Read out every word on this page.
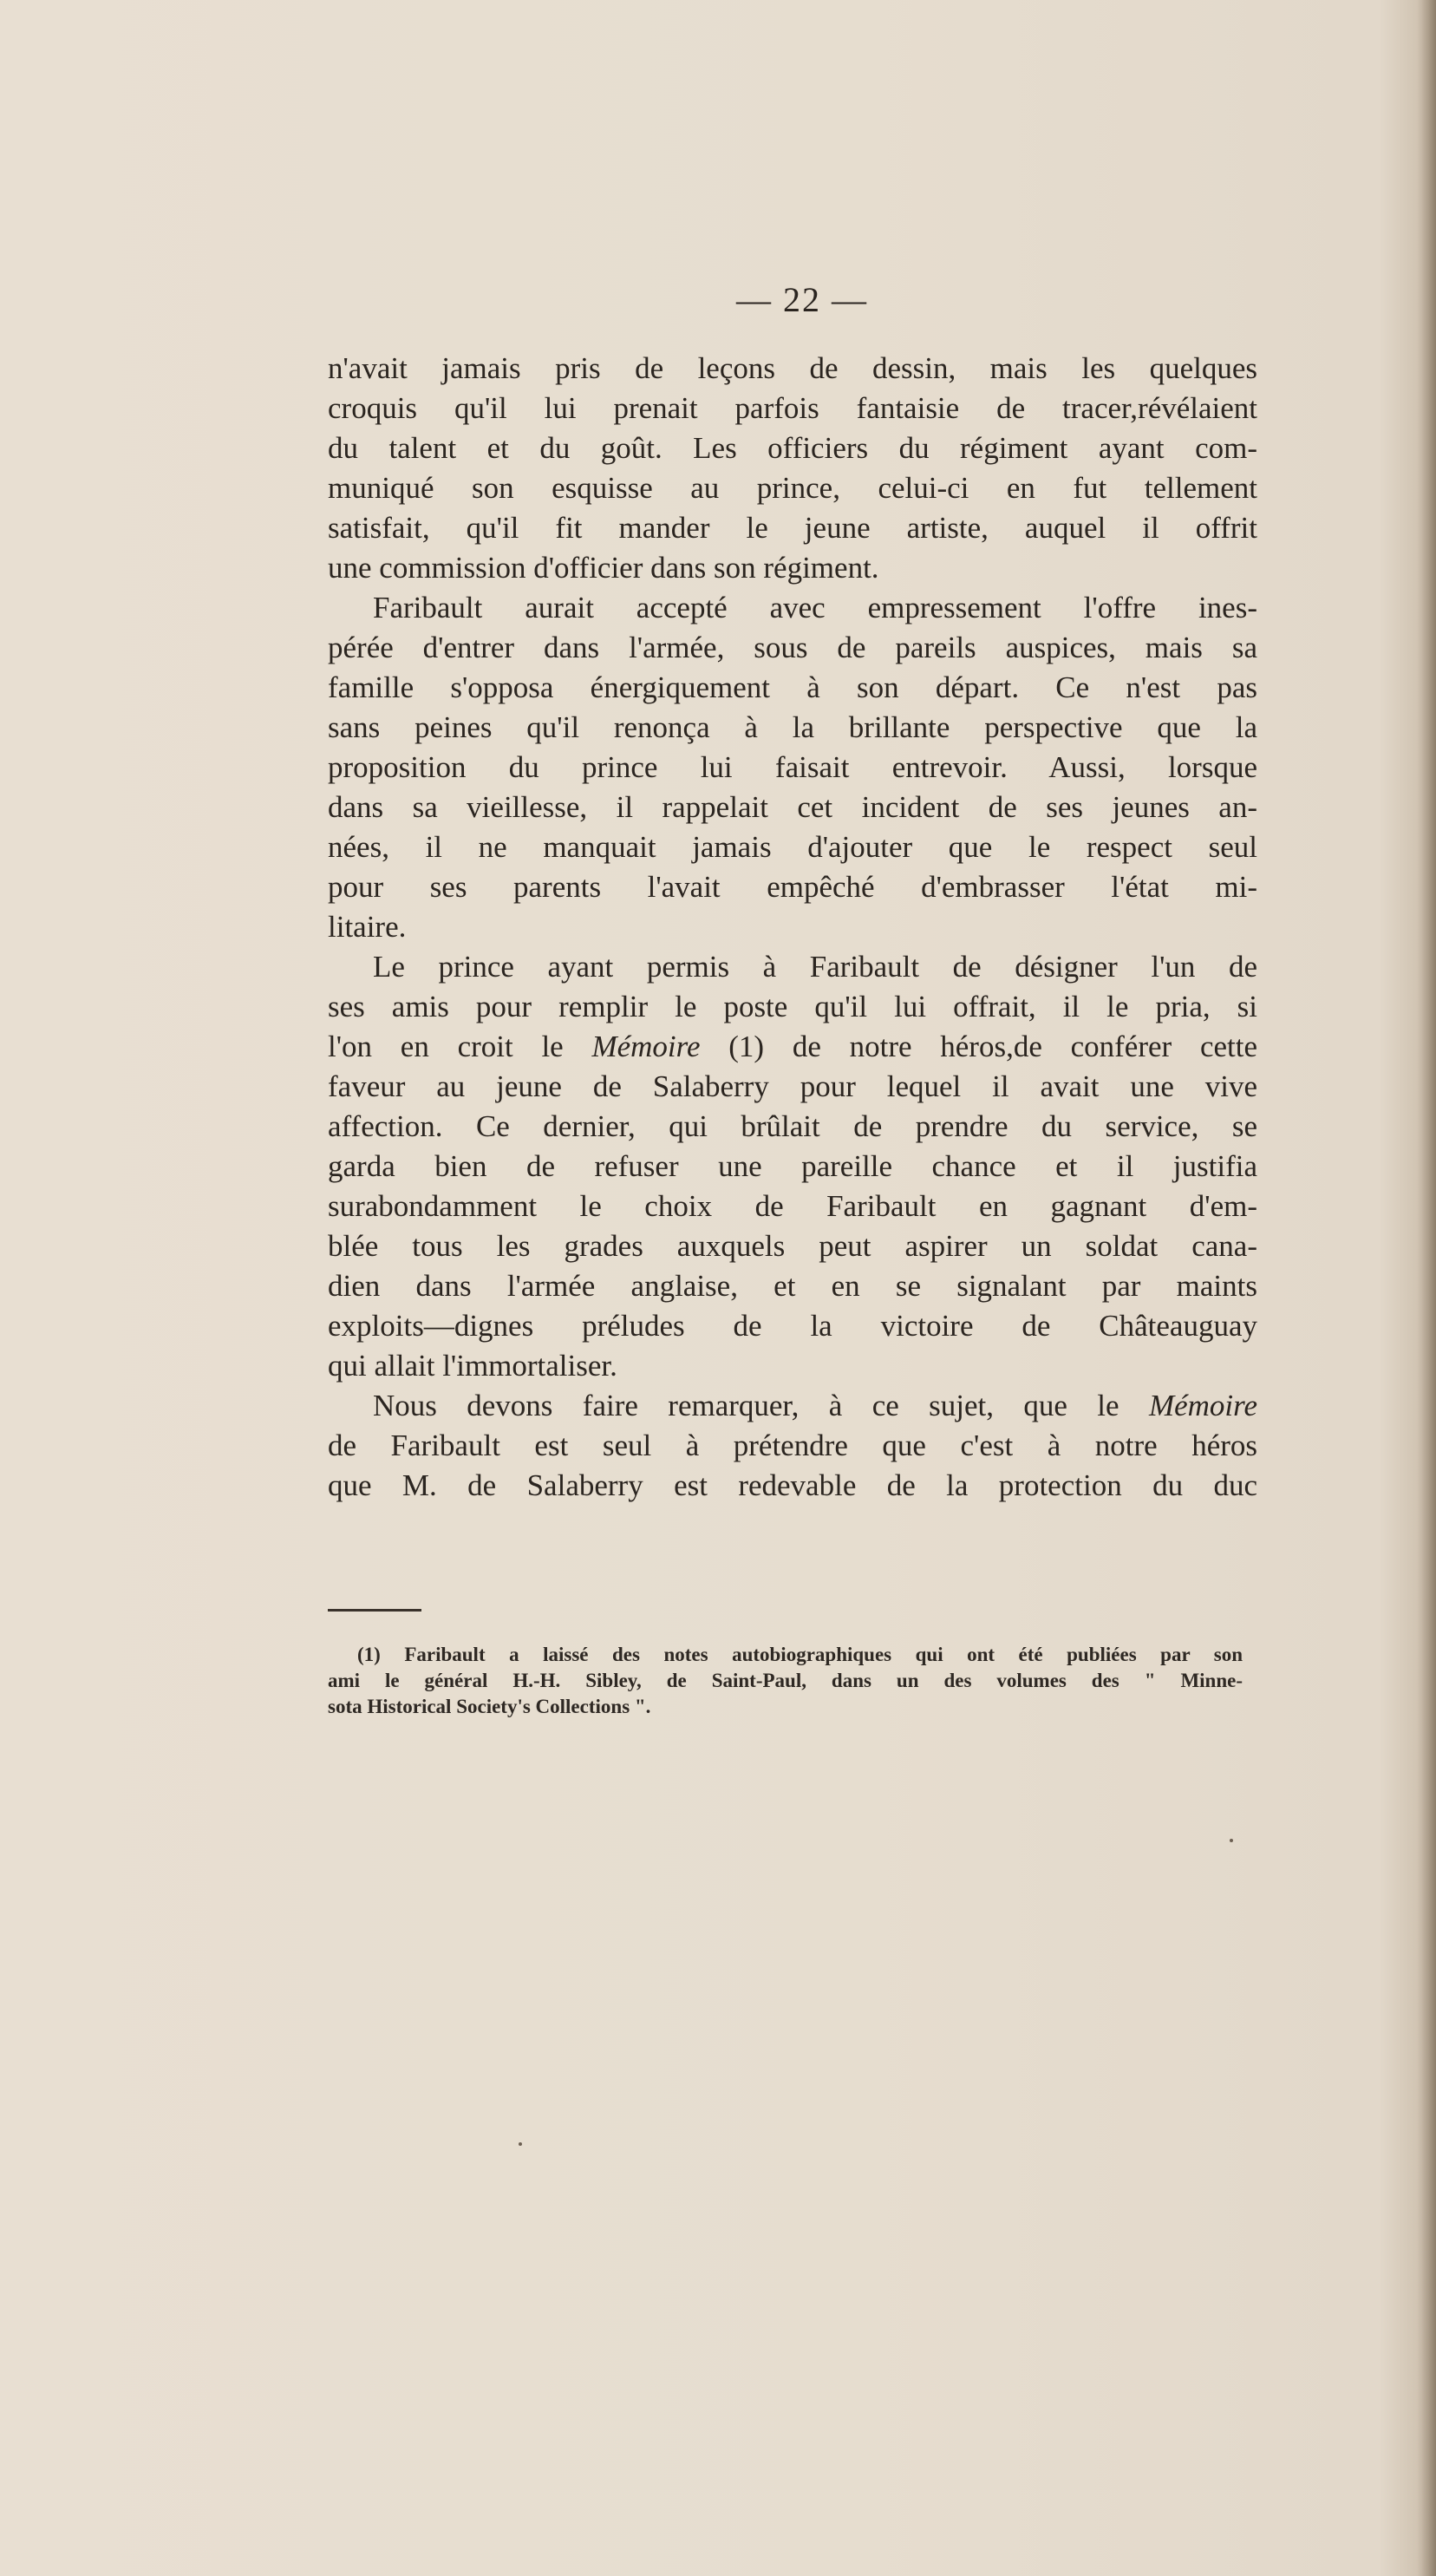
— 22 —
n'avait jamais pris de leçons de dessin, mais les quelques
croquis qu'il lui prenait parfois fantaisie de tracer,révélaient
du talent et du goût. Les officiers du régiment ayant com-
muniqué son esquisse au prince, celui-ci en fut tellement
satisfait, qu'il fit mander le jeune artiste, auquel il offrit
une commission d'officier dans son régiment.
Faribault aurait accepté avec empressement l'offre ines-
pérée d'entrer dans l'armée, sous de pareils auspices, mais sa
famille s'opposa énergiquement à son départ. Ce n'est pas
sans peines qu'il renonça à la brillante perspective que la
proposition du prince lui faisait entrevoir. Aussi, lorsque
dans sa vieillesse, il rappelait cet incident de ses jeunes an-
nées, il ne manquait jamais d'ajouter que le respect seul
pour ses parents l'avait empêché d'embrasser l'état mi-
litaire.
Le prince ayant permis à Faribault de désigner l'un de
ses amis pour remplir le poste qu'il lui offrait, il le pria, si
l'on en croit le Mémoire (1) de notre héros,de conférer cette
faveur au jeune de Salaberry pour lequel il avait une vive
affection. Ce dernier, qui brûlait de prendre du service, se
garda bien de refuser une pareille chance et il justifia
surabondamment le choix de Faribault en gagnant d'em-
blée tous les grades auxquels peut aspirer un soldat cana-
dien dans l'armée anglaise, et en se signalant par maints
exploits—dignes préludes de la victoire de Châteauguay
qui allait l'immortaliser.
Nous devons faire remarquer, à ce sujet, que le Mémoire
de Faribault est seul à prétendre que c'est à notre héros
que M. de Salaberry est redevable de la protection du duc
(1) Faribault a laissé des notes autobiographiques qui ont été publiées par son
ami le général H.-H. Sibley, de Saint-Paul, dans un des volumes des " Minne-
sota Historical Society's Collections ".
